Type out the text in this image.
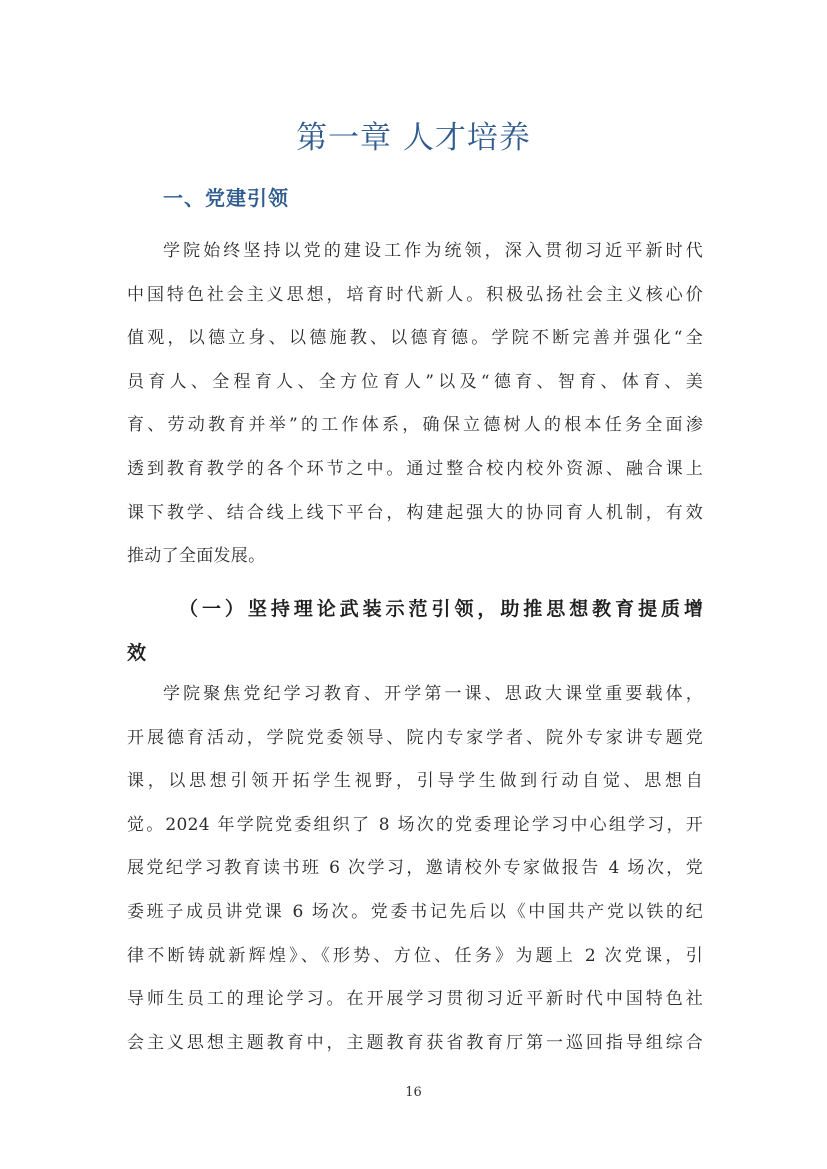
第一章 人才培养
一、党建引领
学院始终坚持以党的建设工作为统领，深入贯彻习近平新时代
中国特色社会主义思想，培育时代新人。积极弘扬社会主义核心价
值观，以德立身、以德施教、以德育德。学院不断完善并强化“全
员育人、全程育人、全方位育人”以及“德育、智育、体育、美
育、劳动教育并举”的工作体系，确保立德树人的根本任务全面渗
透到教育教学的各个环节之中。通过整合校内校外资源、融合课上
课下教学、结合线上线下平台，构建起强大的协同育人机制，有效
推动了全面发展。
（一）坚持理论武装示范引领，助推思想教育提质增
效
学院聚焦党纪学习教育、开学第一课、思政大课堂重要载体，
开展德育活动，学院党委领导、院内专家学者、院外专家讲专题党
课，以思想引领开拓学生视野，引导学生做到行动自觉、思想自
觉。2024 年学院党委组织了 8 场次的党委理论学习中心组学习，开
展党纪学习教育读书班 6 次学习，邀请校外专家做报告 4 场次，党
委班子成员讲党课 6 场次。党委书记先后以《中国共产党以铁的纪
律不断铸就新辉煌》、《形势、方位、任务》为题上 2 次党课，引
导师生员工的理论学习。在开展学习贯彻习近平新时代中国特色社
会主义思想主题教育中，主题教育获省教育厅第一巡回指导组综合
16
